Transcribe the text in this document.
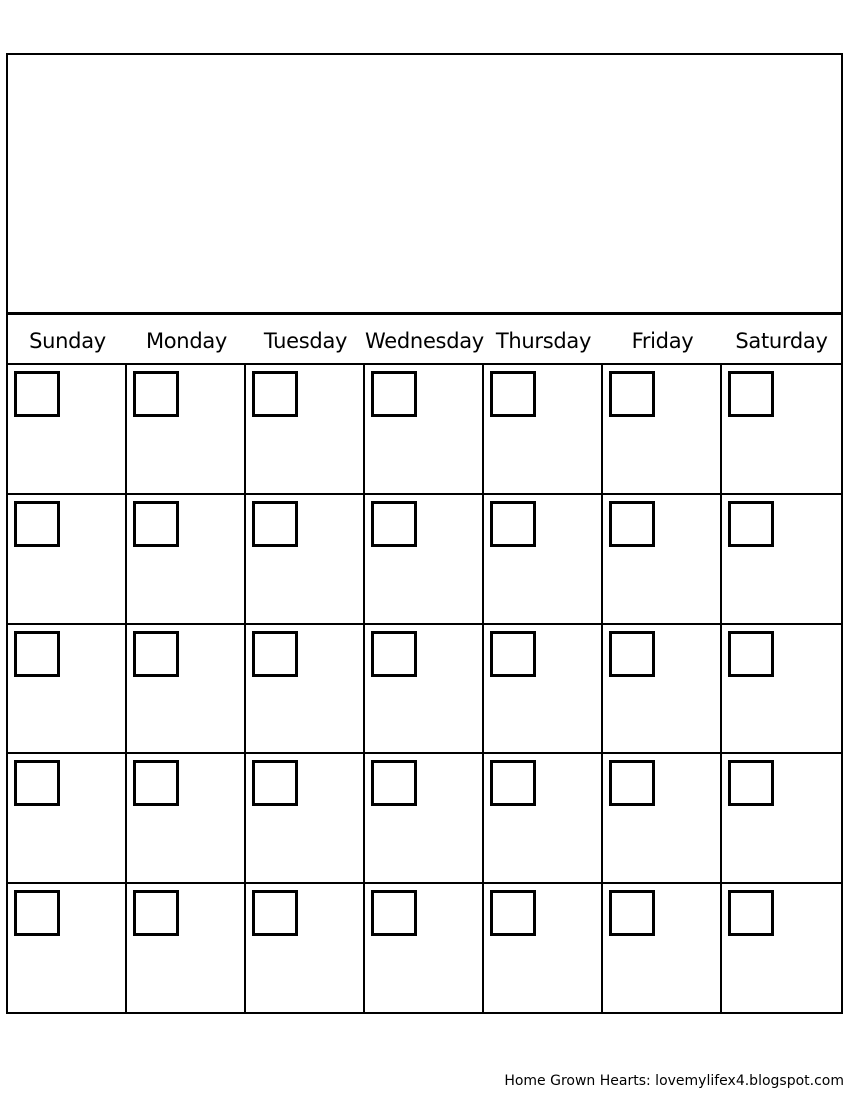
Sunday	Monday	Tuesday Wednesday Thursday	Friday	Saturday
Home Grown Hearts: lovemylifex4.blogspot.com
